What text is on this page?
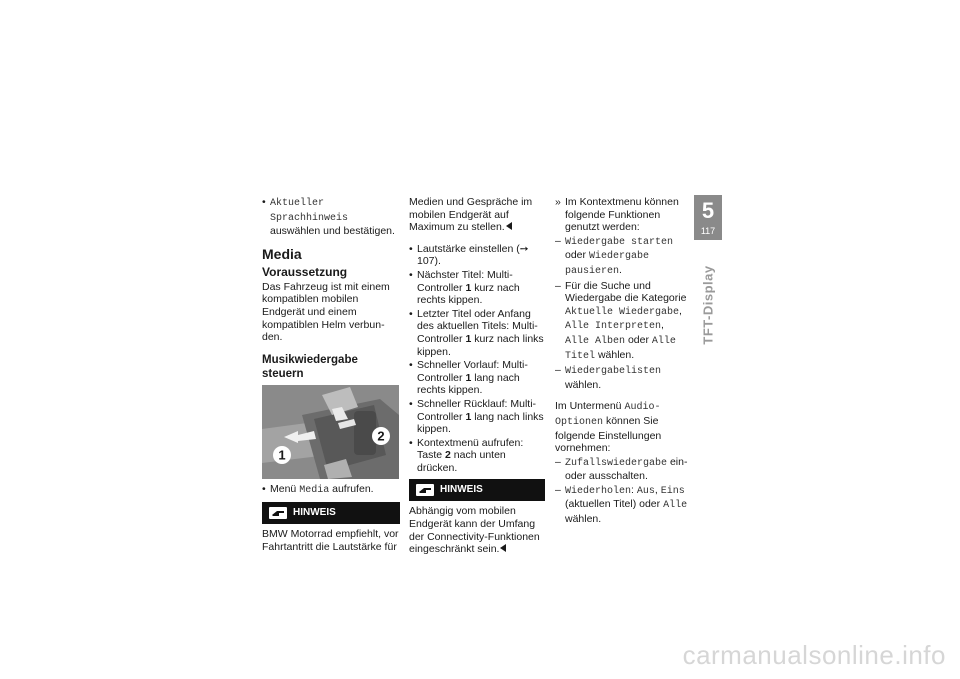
• Aktueller Sprachhinweis auswählen und bestätigen.
Media
Voraussetzung

Das Fahrzeug ist mit einem kompatiblen mobilen Endgerät und einem kompatiblen Helm verbunden.

Musikwiedergabe steuern
1
2
• Menü Media aufrufen.
HINWEIS

BMW Motorrad empfiehlt, vor Fahrtantritt die Lautstärke für

Medien und Gespräche im mobilen Endgerät auf Maximum zu stellen.

• Lautstärke einstellen (➙ 107).
• Nächster Titel: Multi-Controller 1 kurz nach rechts kippen.
• Letzter Titel oder Anfang des aktuellen Titels: Multi-Controller 1 kurz nach links kippen.
• Schneller Vorlauf: Multi-Controller 1 lang nach rechts kippen.
• Schneller Rücklauf: Multi-Controller 1 lang nach links kippen.
• Kontextmenü aufrufen: Taste 2 nach unten drücken.
HINWEIS

Abhängig vom mobilen Endgerät kann der Umfang der Connectivity-Funktionen eingeschränkt sein.

» Im Kontextmenu können folgende Funktionen genutzt werden:
– Wiedergabe starten oder Wiedergabe pausieren.
– Für die Suche und Wiedergabe die Kategorie Aktuelle Wiedergabe, Alle Interpreten, Alle Alben oder Alle Titel wählen.
– Wiedergabelisten wählen.

Im Untermenü Audio-Optionen können Sie folgende Einstellungen vornehmen:

– Zufallswiedergabe ein- oder ausschalten.
– Wiederholen: Aus, Eins (aktuellen Titel) oder Alle wählen.
5
117
TFT-Display
carmanualsonline.info
